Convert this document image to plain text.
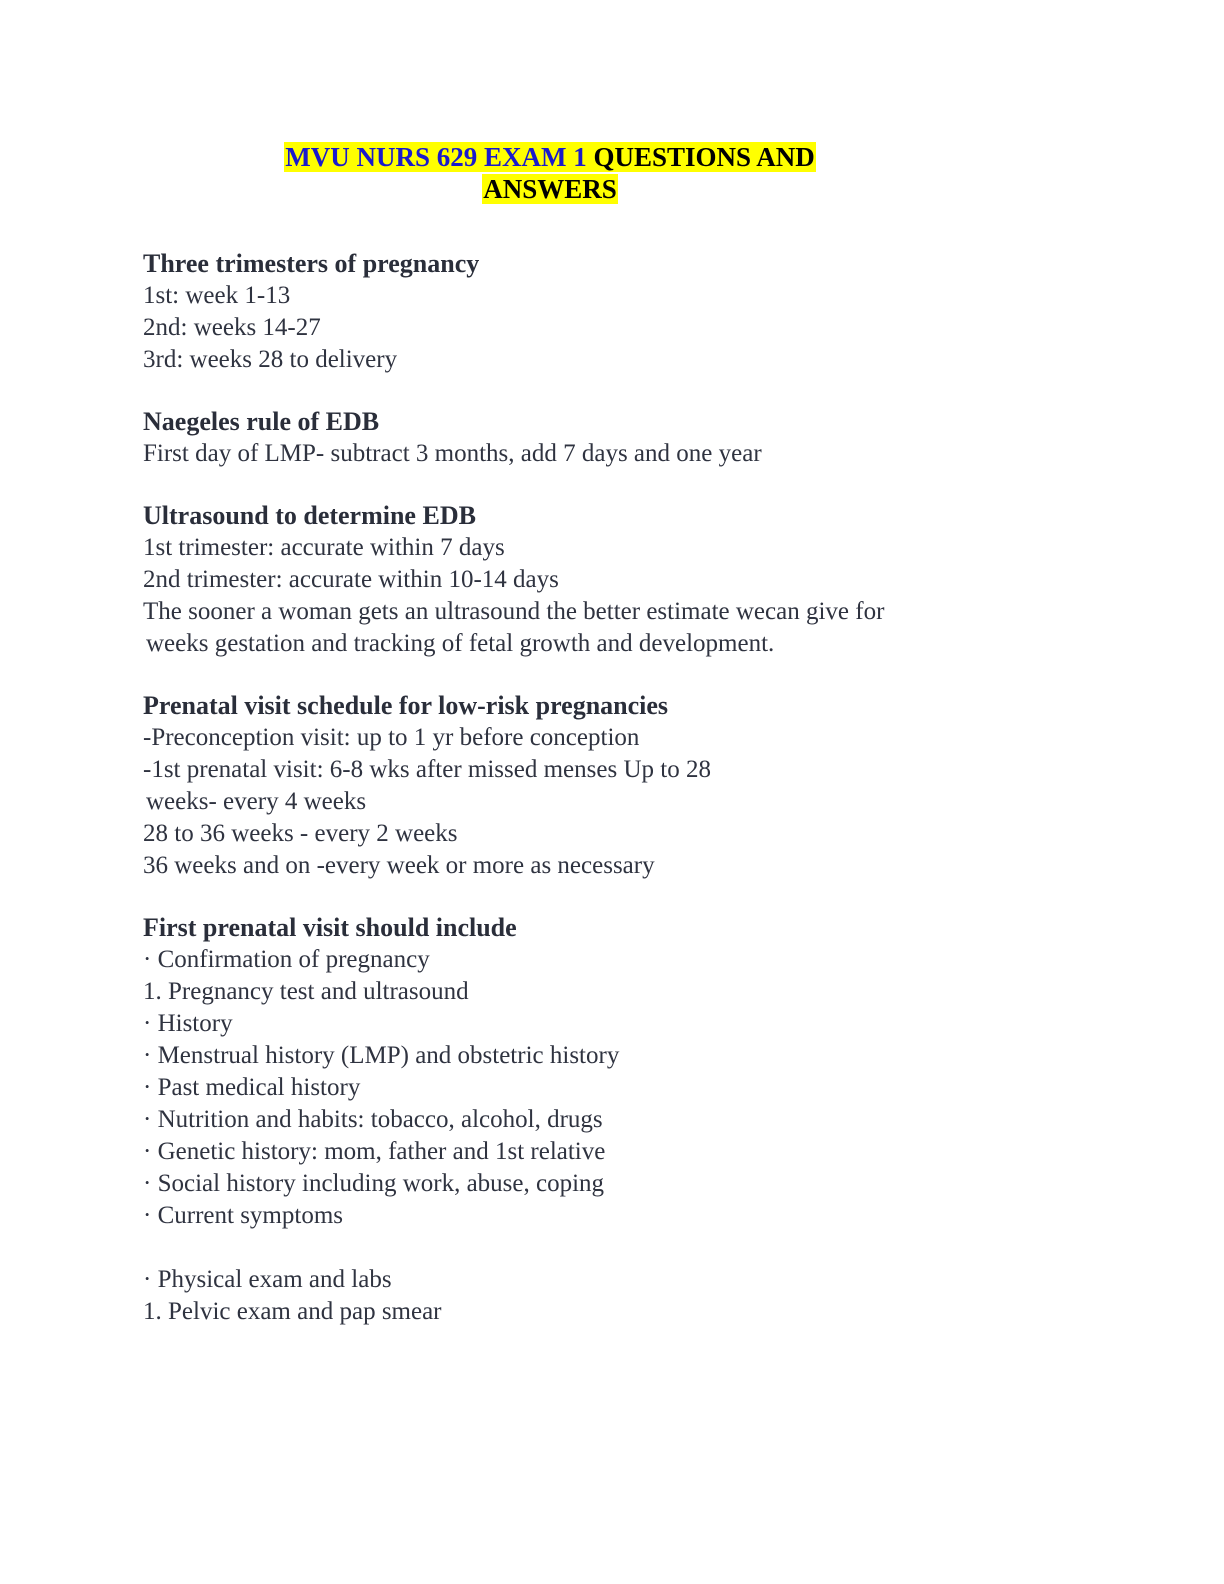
MVU NURS 629 EXAM 1 QUESTIONS AND
ANSWERS
Three trimesters of pregnancy
1st: week 1-13
2nd: weeks 14-27
3rd: weeks 28 to delivery
Naegeles rule of EDB
First day of LMP- subtract 3 months, add 7 days and one year
Ultrasound to determine EDB
1st trimester: accurate within 7 days
2nd trimester: accurate within 10-14 days
The sooner a woman gets an ultrasound the better estimate wecan give for
weeks gestation and tracking of fetal growth and development.
Prenatal visit schedule for low-risk pregnancies
-Preconception visit: up to 1 yr before conception
-1st prenatal visit: 6-8 wks after missed menses Up to 28
weeks- every 4 weeks
28 to 36 weeks - every 2 weeks
36 weeks and on -every week or more as necessary
First prenatal visit should include
· Confirmation of pregnancy
1. Pregnancy test and ultrasound
· History
· Menstrual history (LMP) and obstetric history
· Past medical history
· Nutrition and habits: tobacco, alcohol, drugs
· Genetic history: mom, father and 1st relative
· Social history including work, abuse, coping
· Current symptoms
· Physical exam and labs
1. Pelvic exam and pap smear
